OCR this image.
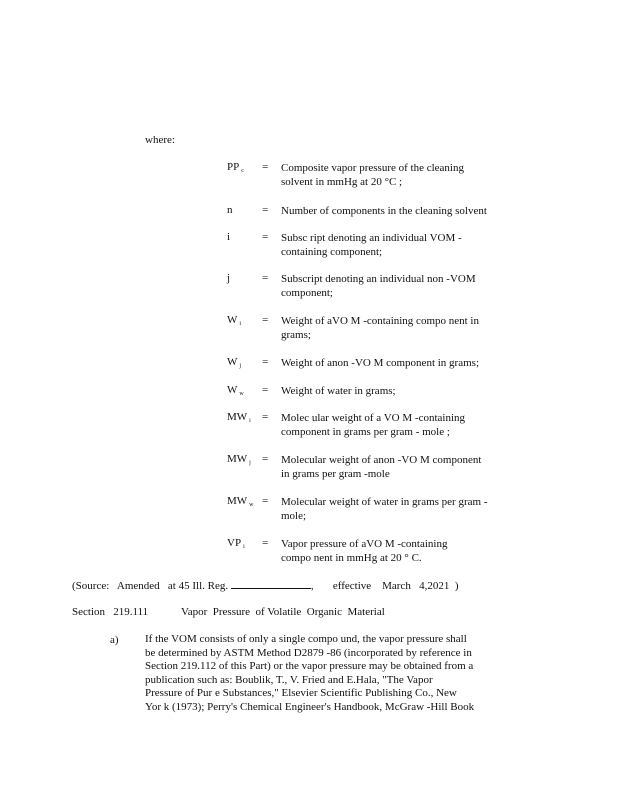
where:

PP $_c$ = Composite vapor pressure of the cleaning
solvent in mmHg at 20 °C ;
n	= Number of components in the cleaning solvent
i	= Subsc ript denoting an individual VOM -
containing component;
j	= Subscript denoting an individual non -VOM
component;
W $_i$ = Weight of aVO M -containing compo nent in
grams;
W $_j$ = Weight of anon -VO M component in grams;
W $_w$ = Weight of water in grams;
MW $_i$ = Molec ular weight of a VO M -containing
component in grams per gram - mole ;
MW $_j$ = Molecular weight of anon -VO M component
in grams per gram -mole
MW $_w$ = Molecular weight of water in grams per gram -
mole;
VP $_i$ = Vapor pressure of aVO M -containing
compo nent in mmHg at 20 ° C.

(Source:   Amended   at 45 Ill. Reg.	,       effective    March   4,2021  )

Section   219.111	Vapor  Pressure  of Volatile  Organic  Material

a) If the VOM consists of only a single compo und, the vapor pressure shall
be determined by ASTM Method D2879 -86 (incorporated by reference in
Section 219.112 of this Part) or the vapor pressure may be obtained from a
publication such as: Boublik, T., V. Fried and E.Hala, "The Vapor
Pressure of Pur e Substances," Elsevier Scientific Publishing Co., New
Yor k (1973); Perry's Chemical Engineer's Handbook, McGraw -Hill Book
